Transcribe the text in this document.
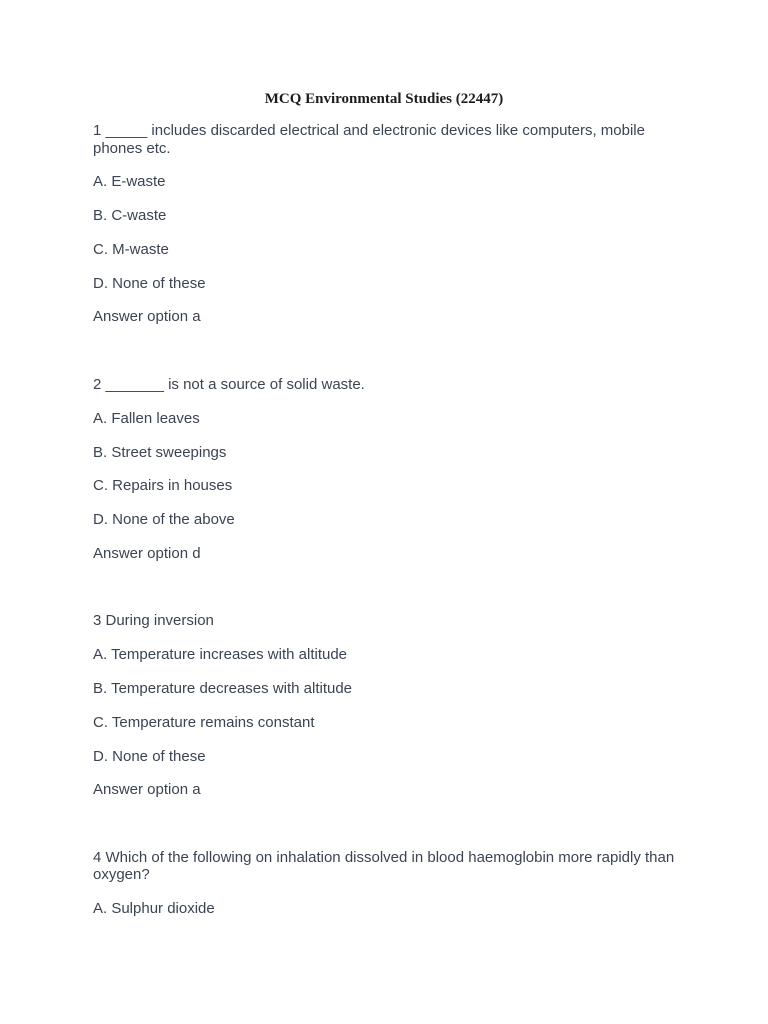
MCQ Environmental Studies (22447)

1 _____ includes discarded electrical and electronic devices like computers, mobile phones etc.

A. E-waste

B. C-waste

C. M-waste

D. None of these

Answer option a

2 _______ is not a source of solid waste.

A. Fallen leaves

B. Street sweepings

C. Repairs in houses

D. None of the above

Answer option d

3 During inversion

A. Temperature increases with altitude

B. Temperature decreases with altitude

C. Temperature remains constant

D. None of these

Answer option a

4 Which of the following on inhalation dissolved in blood haemoglobin more rapidly than oxygen?

A. Sulphur dioxide
